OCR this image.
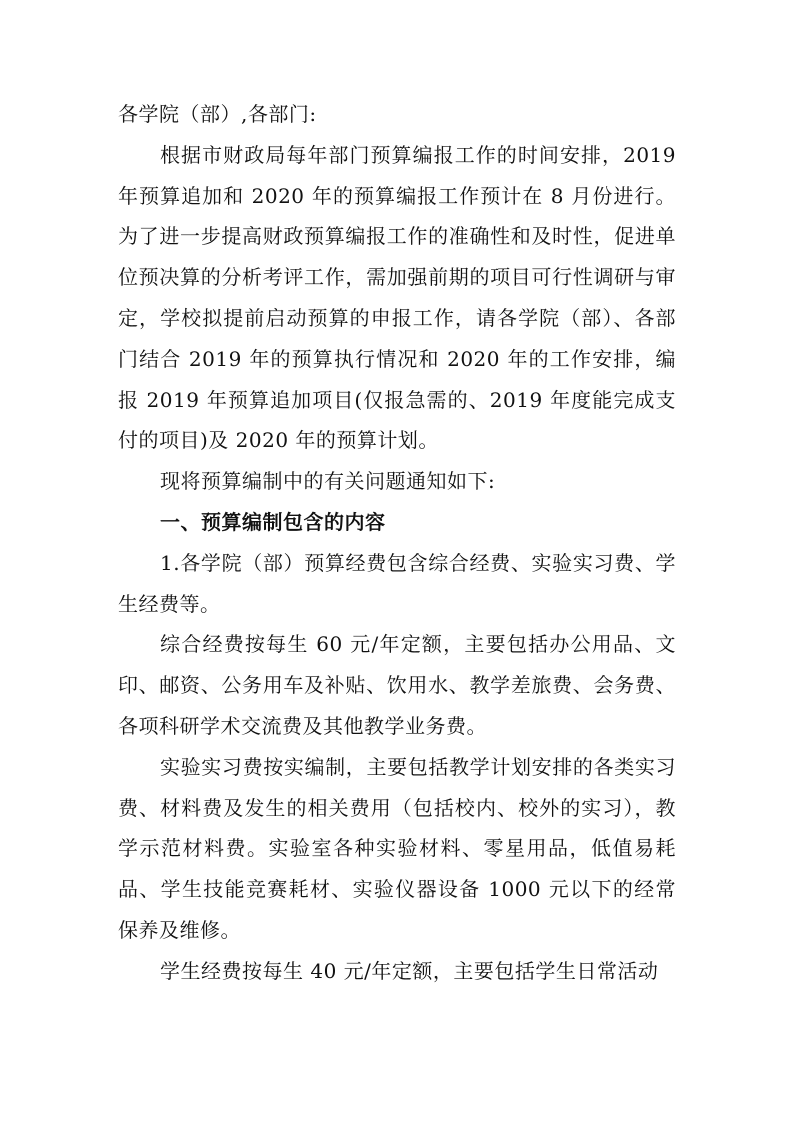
各学院（部）,各部门:

根据市财政局每年部门预算编报工作的时间安排，2019年预算追加和 2020 年的预算编报工作预计在 8 月份进行。为了进一步提高财政预算编报工作的准确性和及时性，促进单位预决算的分析考评工作，需加强前期的项目可行性调研与审定，学校拟提前启动预算的申报工作，请各学院（部）、各部门结合 2019 年的预算执行情况和 2020 年的工作安排，编报 2019 年预算追加项目(仅报急需的、2019 年度能完成支付的项目)及 2020 年的预算计划。

现将预算编制中的有关问题通知如下:

一、预算编制包含的内容

1.各学院（部）预算经费包含综合经费、实验实习费、学生经费等。

综合经费按每生 60 元/年定额，主要包括办公用品、文印、邮资、公务用车及补贴、饮用水、教学差旅费、会务费、各项科研学术交流费及其他教学业务费。

实验实习费按实编制，主要包括教学计划安排的各类实习费、材料费及发生的相关费用（包括校内、校外的实习），教学示范材料费。实验室各种实验材料、零星用品，低值易耗品、学生技能竞赛耗材、实验仪器设备 1000 元以下的经常保养及维修。

学生经费按每生 40 元/年定额，主要包括学生日常活动
